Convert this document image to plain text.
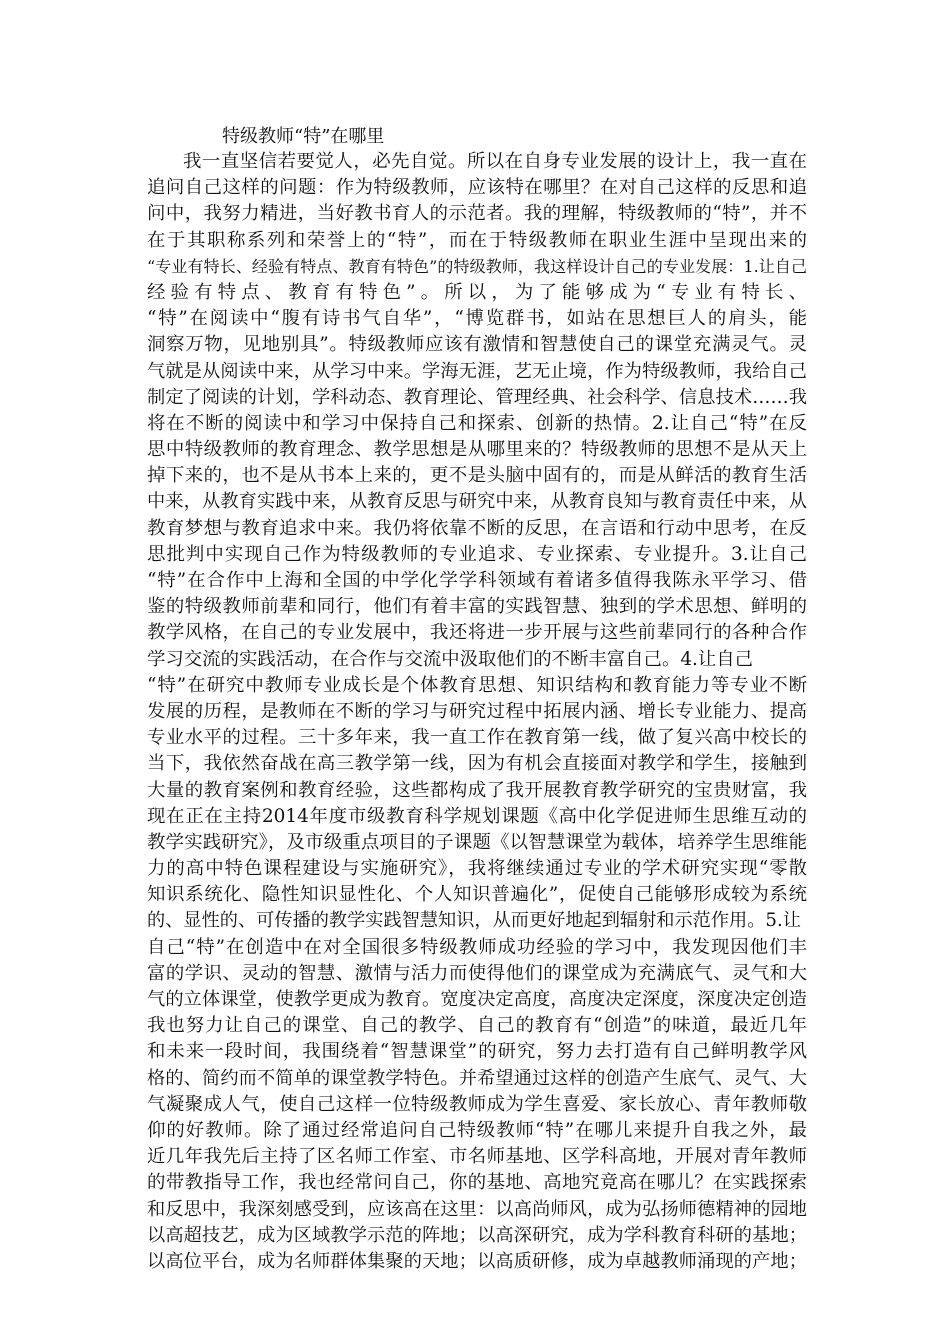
特级教师“特”在哪里
我一直坚信若要觉人，必先自觉。所以在自身专业发展的设计上，我一直在
追问自己这样的问题：作为特级教师，应该特在哪里？在对自己这样的反思和追
问中，我努力精进，当好教书育人的示范者。我的理解，特级教师的“特”，并不
在于其职称系列和荣誉上的“特”，而在于特级教师在职业生涯中呈现出来的
“专业有特长、经验有特点、教育有特色”的特级教师，我这样设计自己的专业发展：1.让自己
经验有特点、教育有特色”。所以，为了能够成为“专业有特长、
“特”在阅读中“腹有诗书气自华”，“博览群书，如站在思想巨人的肩头，能
洞察万物，见地别具”。特级教师应该有激情和智慧使自己的课堂充满灵气。灵
气就是从阅读中来，从学习中来。学海无涯，艺无止境，作为特级教师，我给自己
制定了阅读的计划，学科动态、教育理论、管理经典、社会科学、信息技术……我
将在不断的阅读中和学习中保持自己和探索、创新的热情。2.让自己“特”在反
思中特级教师的教育理念、教学思想是从哪里来的？特级教师的思想不是从天上
掉下来的，也不是从书本上来的，更不是头脑中固有的，而是从鲜活的教育生活
中来，从教育实践中来，从教育反思与研究中来，从教育良知与教育责任中来，从
教育梦想与教育追求中来。我仍将依靠不断的反思，在言语和行动中思考，在反
思批判中实现自己作为特级教师的专业追求、专业探索、专业提升。3.让自己
“特”在合作中上海和全国的中学化学学科领域有着诸多值得我陈永平学习、借
鉴的特级教师前辈和同行，他们有着丰富的实践智慧、独到的学术思想、鲜明的
教学风格，在自己的专业发展中，我还将进一步开展与这些前辈同行的各种合作
学习交流的实践活动，在合作与交流中汲取他们的不断丰富自己。4.让自己
“特”在研究中教师专业成长是个体教育思想、知识结构和教育能力等专业不断
发展的历程，是教师在不断的学习与研究过程中拓展内涵、增长专业能力、提高
专业水平的过程。三十多年来，我一直工作在教育第一线，做了复兴高中校长的
当下，我依然奋战在高三教学第一线，因为有机会直接面对教学和学生，接触到
大量的教育案例和教育经验，这些都构成了我开展教育教学研究的宝贵财富，我
现在正在主持2014年度市级教育科学规划课题《高中化学促进师生思维互动的
教学实践研究》，及市级重点项目的子课题《以智慧课堂为载体，培养学生思维能
力的高中特色课程建设与实施研究》，我将继续通过专业的学术研究实现“零散
知识系统化、隐性知识显性化、个人知识普遍化”，促使自己能够形成较为系统
的、显性的、可传播的教学实践智慧知识，从而更好地起到辐射和示范作用。5.让
自己“特”在创造中在对全国很多特级教师成功经验的学习中，我发现因他们丰
富的学识、灵动的智慧、激情与活力而使得他们的课堂成为充满底气、灵气和大
气的立体课堂，使教学更成为教育。宽度决定高度，高度决定深度，深度决定创造
我也努力让自己的课堂、自己的教学、自己的教育有“创造”的味道，最近几年
和未来一段时间，我围绕着“智慧课堂”的研究，努力去打造有自己鲜明教学风
格的、简约而不简单的课堂教学特色。并希望通过这样的创造产生底气、灵气、大
气凝聚成人气，使自己这样一位特级教师成为学生喜爱、家长放心、青年教师敬
仰的好教师。除了通过经常追问自己特级教师“特”在哪儿来提升自我之外，最
近几年我先后主持了区名师工作室、市名师基地、区学科高地，开展对青年教师
的带教指导工作，我也经常问自己，你的基地、高地究竟高在哪儿？在实践探索
和反思中，我深刻感受到，应该高在这里：以高尚师风，成为弘扬师德精神的园地
以高超技艺，成为区域教学示范的阵地；以高深研究，成为学科教育科研的基地；
以高位平台，成为名师群体集聚的天地；以高质研修，成为卓越教师涌现的产地；
